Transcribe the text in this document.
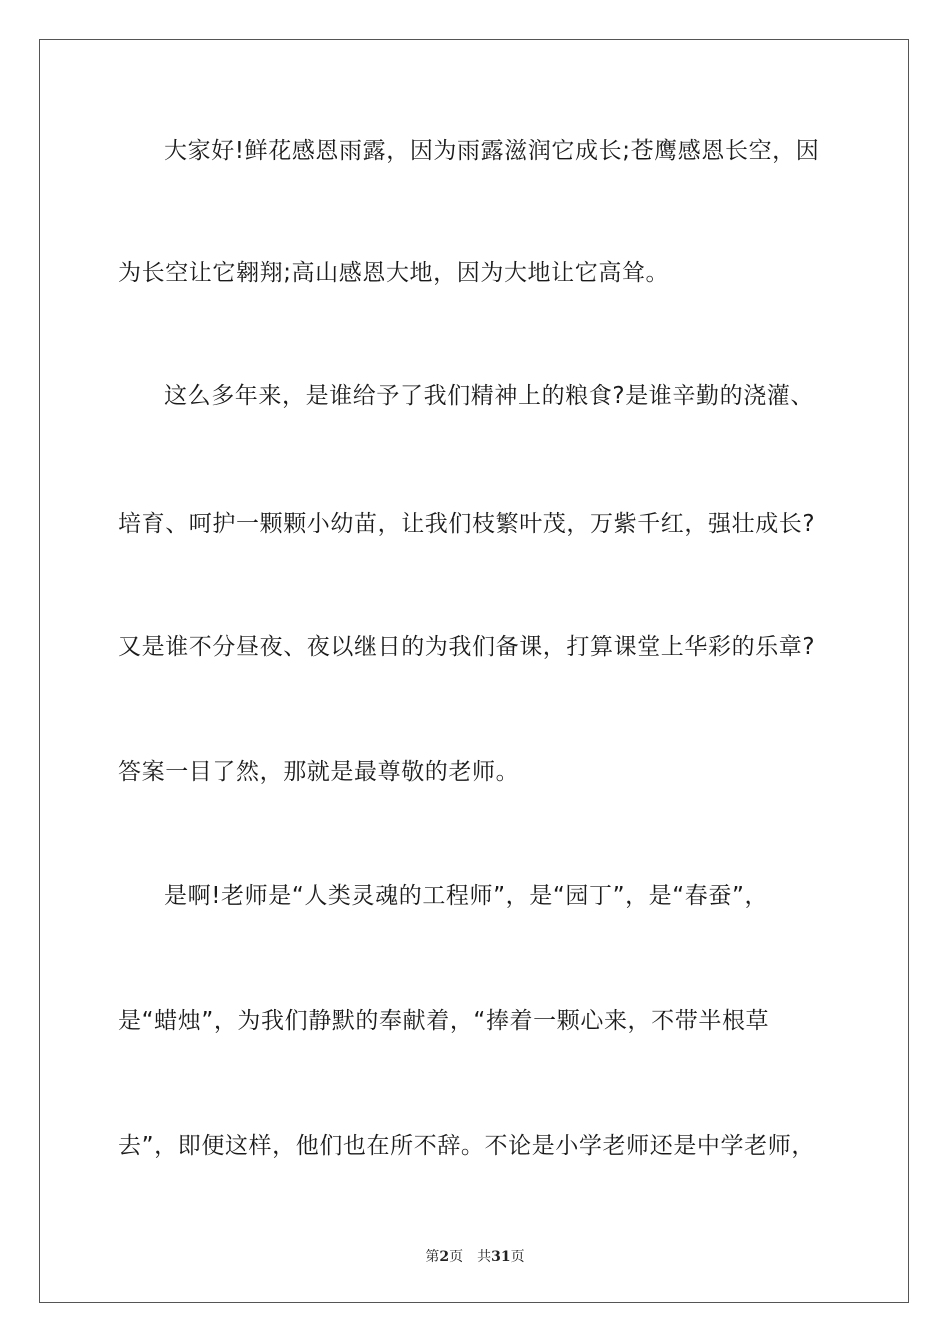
大家好!鲜花感恩雨露，因为雨露滋润它成长;苍鹰感恩长空，因
为长空让它翱翔;高山感恩大地，因为大地让它高耸。
这么多年来，是谁给予了我们精神上的粮食?是谁辛勤的浇灌、
培育、呵护一颗颗小幼苗，让我们枝繁叶茂，万紫千红，强壮成长?
又是谁不分昼夜、夜以继日的为我们备课，打算课堂上华彩的乐章?
答案一目了然，那就是最尊敬的老师。
是啊!老师是“人类灵魂的工程师”，是“园丁”，是“春蚕”，
是“蜡烛”，为我们静默的奉献着，“捧着一颗心来，不带半根草
去”，即便这样，他们也在所不辞。不论是小学老师还是中学老师，
第2页 共31页
